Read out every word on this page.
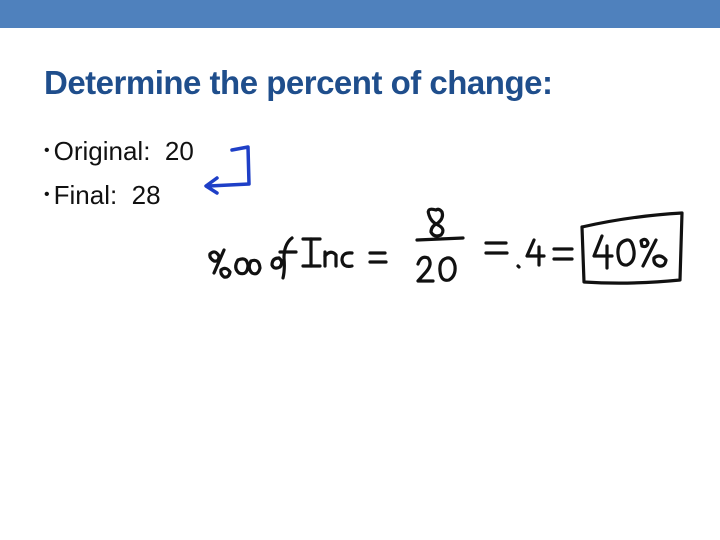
Determine the percent of change:
• Original: 20
• Final: 28
